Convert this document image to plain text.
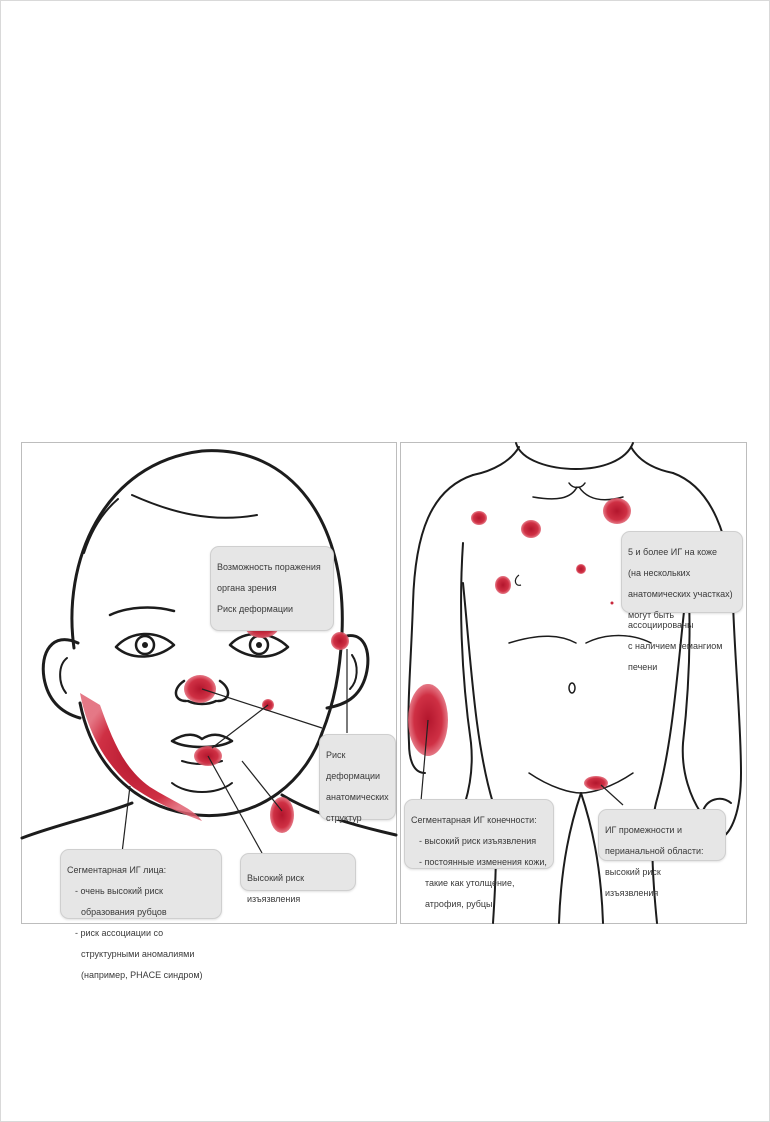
Возможность поражения

органа зрения

Риск деформации

Риск

деформации

анатомических

структур

Высокий риск

изъязвления

Сегментарная ИГ лица:

- очень высокий риск

образования рубцов

- риск ассоциации со

структурными аномалиями

(например, PHACE синдром)

5 и более ИГ на коже

(на нескольких

анатомических участках)

могут быть ассоциированы

с наличием гемангиом

печени

Сегментарная ИГ конечности:

- высокий риск изъязвления

- постоянные изменения кожи,

такие как утолщение,

атрофия, рубцы

ИГ промежности и

перианальной области:

высокий риск

изъязвления
